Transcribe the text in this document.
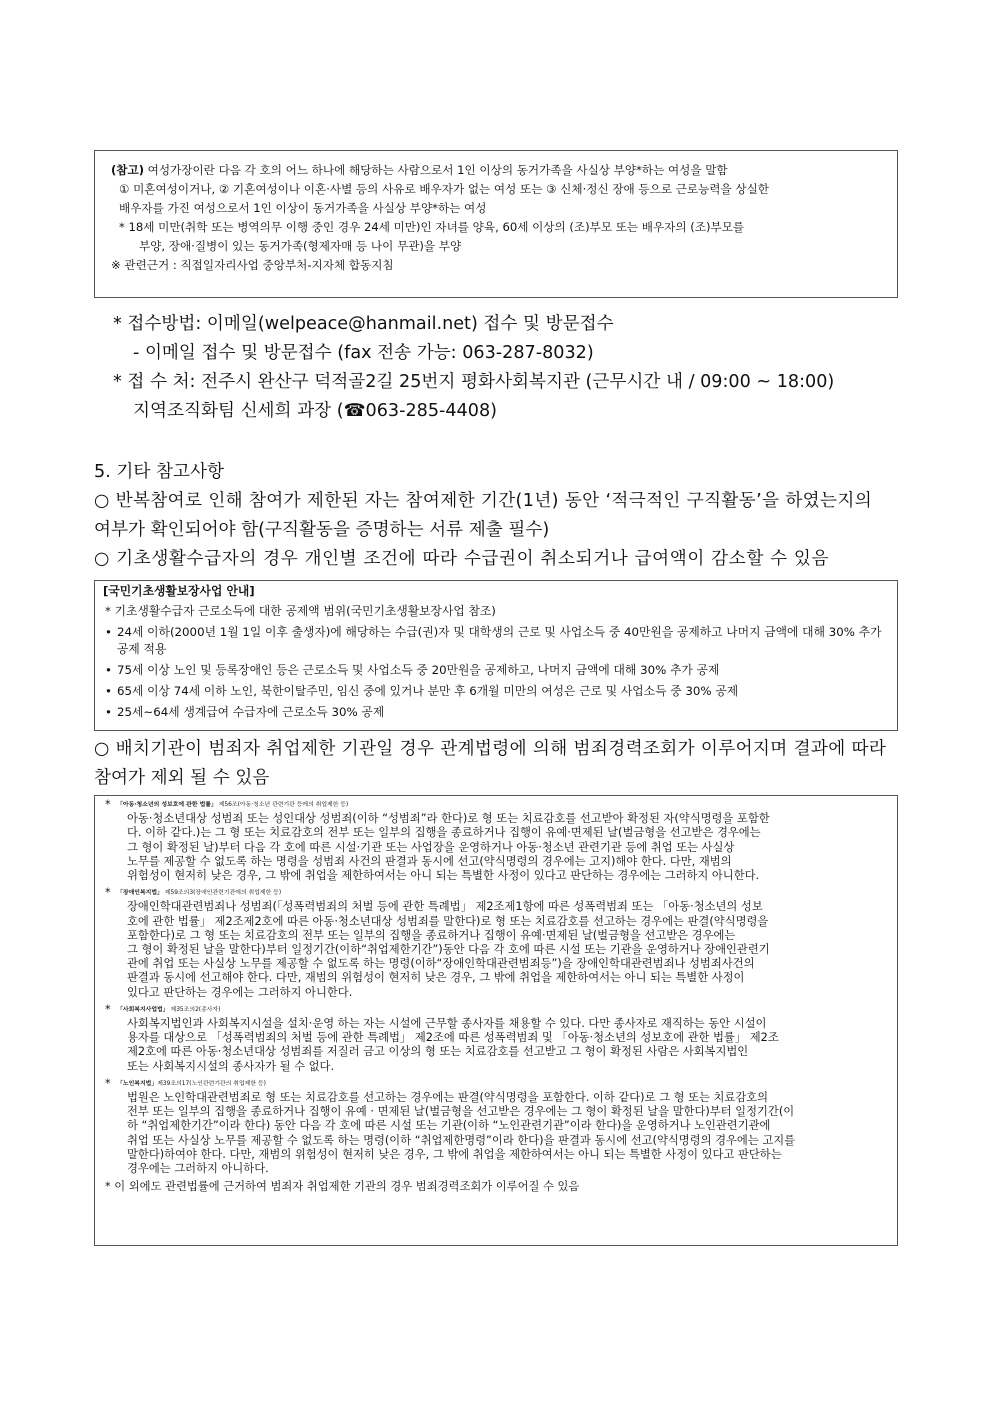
(참고) 여성가장이란 다음 각 호의 어느 하나에 해당하는 사람으로서 1인 이상의 동거가족을 사실상 부양*하는 여성을 말함
① 미혼여성이거나, ② 기혼여성이나 이혼·사별 등의 사유로 배우자가 없는 여성 또는 ③ 신체·정신 장애 등으로 근로능력을 상실한
배우자를 가진 여성으로서 1인 이상이 동거가족을 사실상 부양*하는 여성
* 18세 미만(취학 또는 병역의무 이행 중인 경우 24세 미만)인 자녀를 양육, 60세 이상의 (조)부모 또는 배우자의 (조)부모를
부양, 장애·질병이 있는 동거가족(형제자매 등 나이 무관)을 부양
※ 관련근거 : 직접일자리사업 중앙부처-지자체 합동지침
* 접수방법: 이메일(welpeace@hanmail.net) 접수 및 방문접수
- 이메일 접수 및 방문접수 (fax 전송 가능: 063-287-8032)
* 접 수 처: 전주시 완산구 덕적골2길 25번지 평화사회복지관 (근무시간 내 / 09:00 ~ 18:00)
지역조직화팀 신세희 과장 (☎063-285-4408)
5. 기타 참고사항
○ 반복참여로 인해 참여가 제한된 자는 참여제한 기간(1년) 동안 ‘적극적인 구직활동’을 하였는지의
여부가 확인되어야 함(구직활동을 증명하는 서류 제출 필수)
○ 기초생활수급자의 경우 개인별 조건에 따라 수급권이 취소되거나 급여액이 감소할 수 있음
[국민기초생활보장사업 안내]
* 기초생활수급자 근로소득에 대한 공제액 범위(국민기초생활보장사업 참조)
• 24세 이하(2000년 1월 1일 이후 출생자)에 해당하는 수급(권)자 및 대학생의 근로 및 사업소득 중 40만원을 공제하고 나머지 금액에 대해 30% 추가 공제 적용
• 75세 이상 노인 및 등록장애인 등은 근로소득 및 사업소득 중 20만원을 공제하고, 나머지 금액에 대해 30% 추가 공제
• 65세 이상 74세 이하 노인, 북한이탈주민, 임신 중에 있거나 분만 후 6개월 미만의 여성은 근로 및 사업소득 중 30% 공제
• 25세~64세 생계급여 수급자에 근로소득 30% 공제
○ 배치기관이 범죄자 취업제한 기관일 경우 관계법령에 의해 범죄경력조회가 이루어지며 결과에 따라
참여가 제외 될 수 있음
* 「아동·청소년의 성보호에 관한 법률」 제56조(아동·청소년 관련기관 등에의 취업제한 등)
아동·청소년대상 성범죄 또는 성인대상 성범죄(이하 “성범죄”라 한다)로 형 또는 치료감호를 선고받아 확정된 자(약식명령을 포함한
다. 이하 같다.)는 그 형 또는 치료감호의 전부 또는 일부의 집행을 종료하거나 집행이 유예·면제된 날(벌금형을 선고받은 경우에는
그 형이 확정된 날)부터 다음 각 호에 따른 시설·기관 또는 사업장을 운영하거나 아동·청소년 관련기관 등에 취업 또는 사실상
노무를 제공할 수 없도록 하는 명령을 성범죄 사건의 판결과 동시에 선고(약식명령의 경우에는 고지)해야 한다. 다만, 재범의
위험성이 현저히 낮은 경우, 그 밖에 취업을 제한하여서는 아니 되는 특별한 사정이 있다고 판단하는 경우에는 그러하지 아니한다.
* 「장애인복지법」 제59조의3(장애인관련기관에의 취업제한 등)
장애인학대관련범죄나 성범죄(「성폭력범죄의 처벌 등에 관한 특례법」 제2조제1항에 따른 성폭력범죄 또는 「아동·청소년의 성보
호에 관한 법률」 제2조제2호에 따른 아동·청소년대상 성범죄를 말한다)로 형 또는 치료감호를 선고하는 경우에는 판결(약식명령을
포함한다)로 그 형 또는 치료감호의 전부 또는 일부의 집행을 종료하거나 집행이 유예·면제된 날(벌금형을 선고받은 경우에는
그 형이 확정된 날을 말한다)부터 일정기간(이하“취업제한기간”)동안 다음 각 호에 따른 시설 또는 기관을 운영하거나 장애인관련기
관에 취업 또는 사실상 노무를 제공할 수 없도록 하는 명령(이하“장애인학대관련범죄등”)을 장애인학대관련범죄나 성범죄사건의
판결과 동시에 선고해야 한다. 다만, 재범의 위험성이 현저히 낮은 경우, 그 밖에 취업을 제한하여서는 아니 되는 특별한 사정이
있다고 판단하는 경우에는 그러하지 아니한다.
* 「사회복지사업법」 제35조의2(종사자)
사회복지법인과 사회복지시설을 설치·운영 하는 자는 시설에 근무할 종사자를 채용할 수 있다. 다만 종사자로 재직하는 동안 시설이
용자를 대상으로 「성폭력범죄의 처벌 등에 관한 특례법」 제2조에 따른 성폭력범죄 및 「아동·청소년의 성보호에 관한 법률」 제2조
제2호에 따른 아동·청소년대상 성범죄를 저질러 금고 이상의 형 또는 치료감호를 선고받고 그 형이 확정된 사람은 사회복지법인
또는 사회복지시설의 종사자가 될 수 없다.
* 「노인복지법」제39조의17(노인관련기관의 취업제한 등)
법원은 노인학대관련범죄로 형 또는 치료감호를 선고하는 경우에는 판결(약식명령을 포함한다. 이하 같다)로 그 형 또는 치료감호의
전부 또는 일부의 집행을 종료하거나 집행이 유예 · 면제된 날(벌금형을 선고받은 경우에는 그 형이 확정된 날을 말한다)부터 일정기간(이
하 “취업제한기간”이라 한다) 동안 다음 각 호에 따른 시설 또는 기관(이하 “노인관련기관”이라 한다)을 운영하거나 노인관련기관에
취업 또는 사실상 노무를 제공할 수 없도록 하는 명령(이하 “취업제한명령”이라 한다)을 판결과 동시에 선고(약식명령의 경우에는 고지를
말한다)하여야 한다. 다만, 재범의 위험성이 현저히 낮은 경우, 그 밖에 취업을 제한하여서는 아니 되는 특별한 사정이 있다고 판단하는
경우에는 그러하지 아니하다.
* 이 외에도 관련법률에 근거하여 범죄자 취업제한 기관의 경우 범죄경력조회가 이루어질 수 있음
